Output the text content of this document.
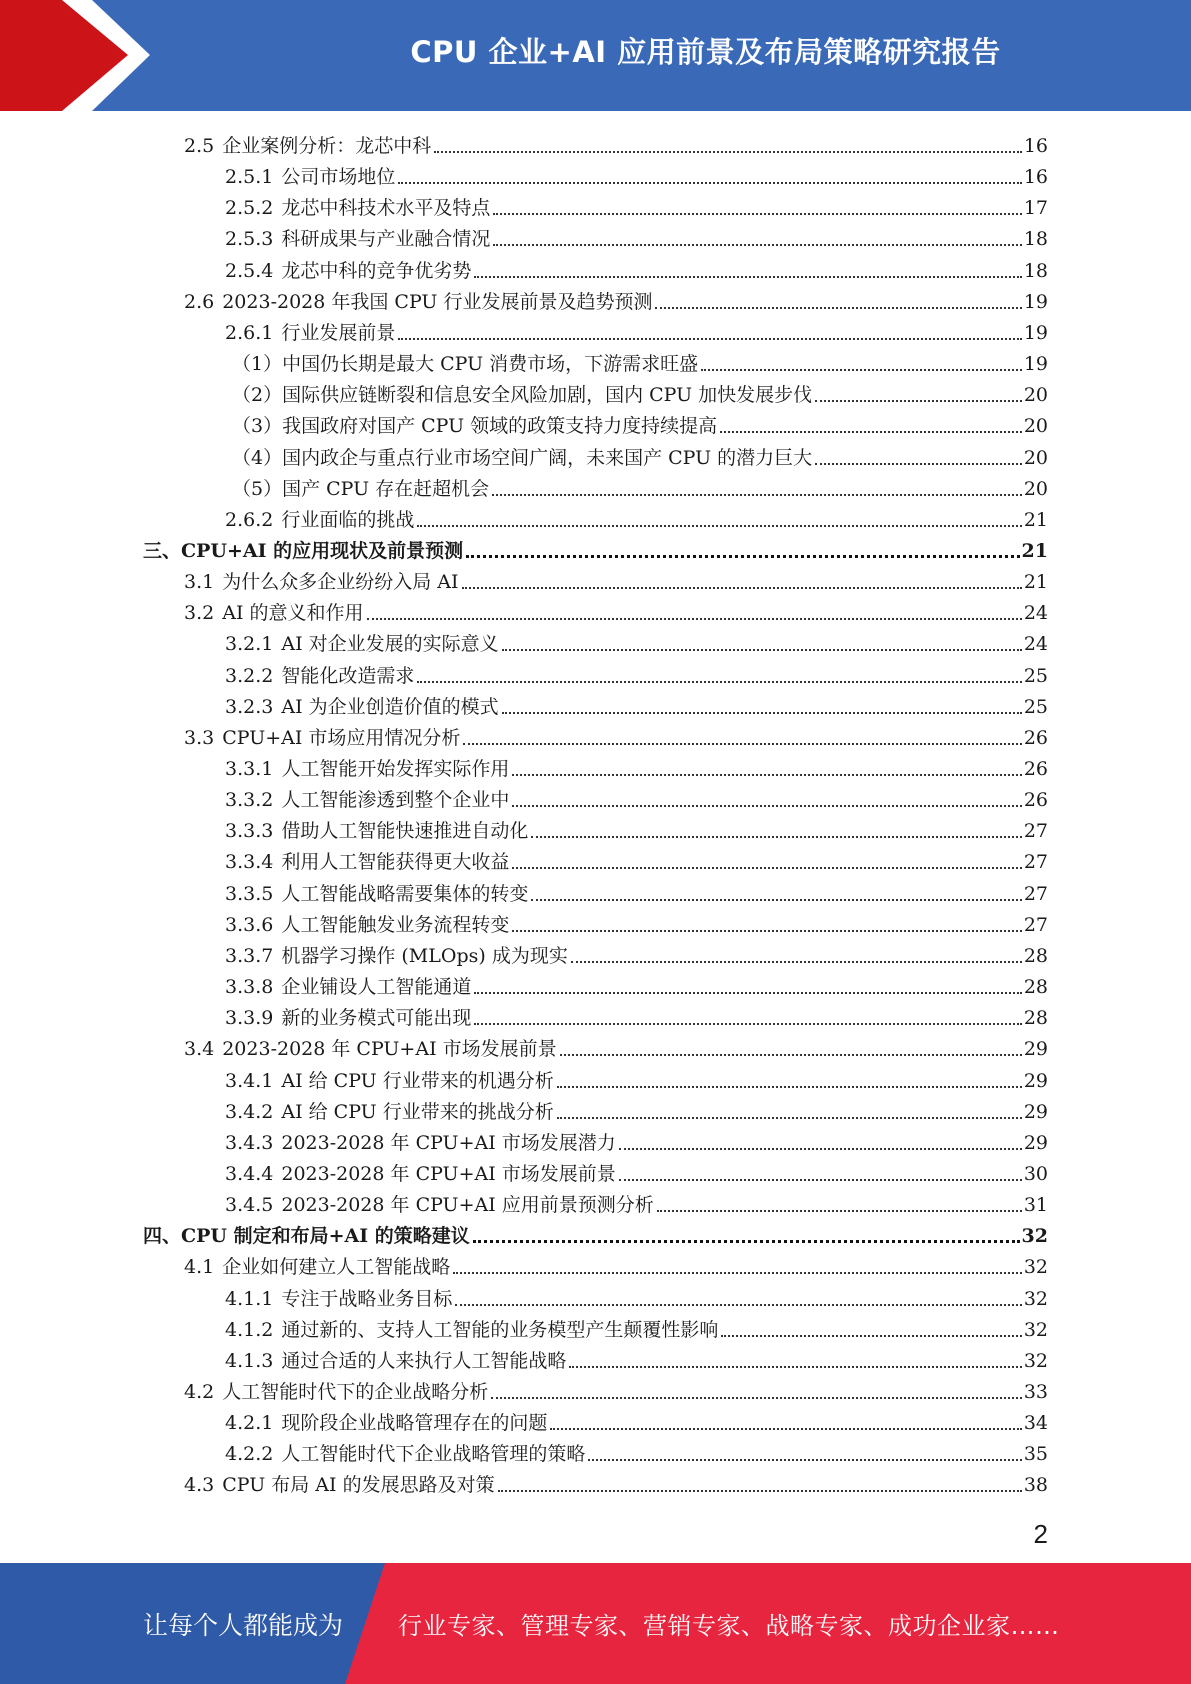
CPU 企业+AI 应用前景及布局策略研究报告
2.5 企业案例分析：龙芯中科	16
2.5.1 公司市场地位	16
2.5.2 龙芯中科技术水平及特点	17
2.5.3 科研成果与产业融合情况	18
2.5.4 龙芯中科的竞争优劣势	18
2.6 2023-2028 年我国 CPU 行业发展前景及趋势预测	19
2.6.1 行业发展前景	19
（1） 中国仍长期是最大 CPU 消费市场，下游需求旺盛	19
（2） 国际供应链断裂和信息安全风险加剧，国内 CPU 加快发展步伐	20
（3） 我国政府对国产 CPU 领域的政策支持力度持续提高	20
（4） 国内政企与重点行业市场空间广阔，未来国产 CPU 的潜力巨大	20
（5） 国产 CPU 存在赶超机会	20
2.6.2 行业面临的挑战	21
三、 CPU+AI 的应用现状及前景预测	21
3.1 为什么众多企业纷纷入局 AI	21
3.2 AI 的意义和作用	24
3.2.1 AI 对企业发展的实际意义	24
3.2.2 智能化改造需求	25
3.2.3 AI 为企业创造价值的模式	25
3.3 CPU+AI 市场应用情况分析	26
3.3.1 人工智能开始发挥实际作用	26
3.3.2 人工智能渗透到整个企业中	26
3.3.3 借助人工智能快速推进自动化	27
3.3.4 利用人工智能获得更大收益	27
3.3.5 人工智能战略需要集体的转变	27
3.3.6 人工智能触发业务流程转变	27
3.3.7 机器学习操作 (MLOps) 成为现实	28
3.3.8 企业铺设人工智能通道	28
3.3.9 新的业务模式可能出现	28
3.4 2023-2028 年 CPU+AI 市场发展前景	29
3.4.1 AI 给 CPU 行业带来的机遇分析	29
3.4.2 AI 给 CPU 行业带来的挑战分析	29
3.4.3 2023-2028 年 CPU+AI 市场发展潜力	29
3.4.4 2023-2028 年 CPU+AI 市场发展前景	30
3.4.5 2023-2028 年 CPU+AI 应用前景预测分析	31
四、 CPU 制定和布局+AI 的策略建议	32
4.1 企业如何建立人工智能战略	32
4.1.1 专注于战略业务目标	32
4.1.2 通过新的、支持人工智能的业务模型产生颠覆性影响	32
4.1.3 通过合适的人来执行人工智能战略	32
4.2 人工智能时代下的企业战略分析	33
4.2.1 现阶段企业战略管理存在的问题	34
4.2.2 人工智能时代下企业战略管理的策略	35
4.3 CPU 布局 AI 的发展思路及对策	38
2
让每个人都能成为	行业专家、管理专家、营销专家、战略专家、成功企业家……
